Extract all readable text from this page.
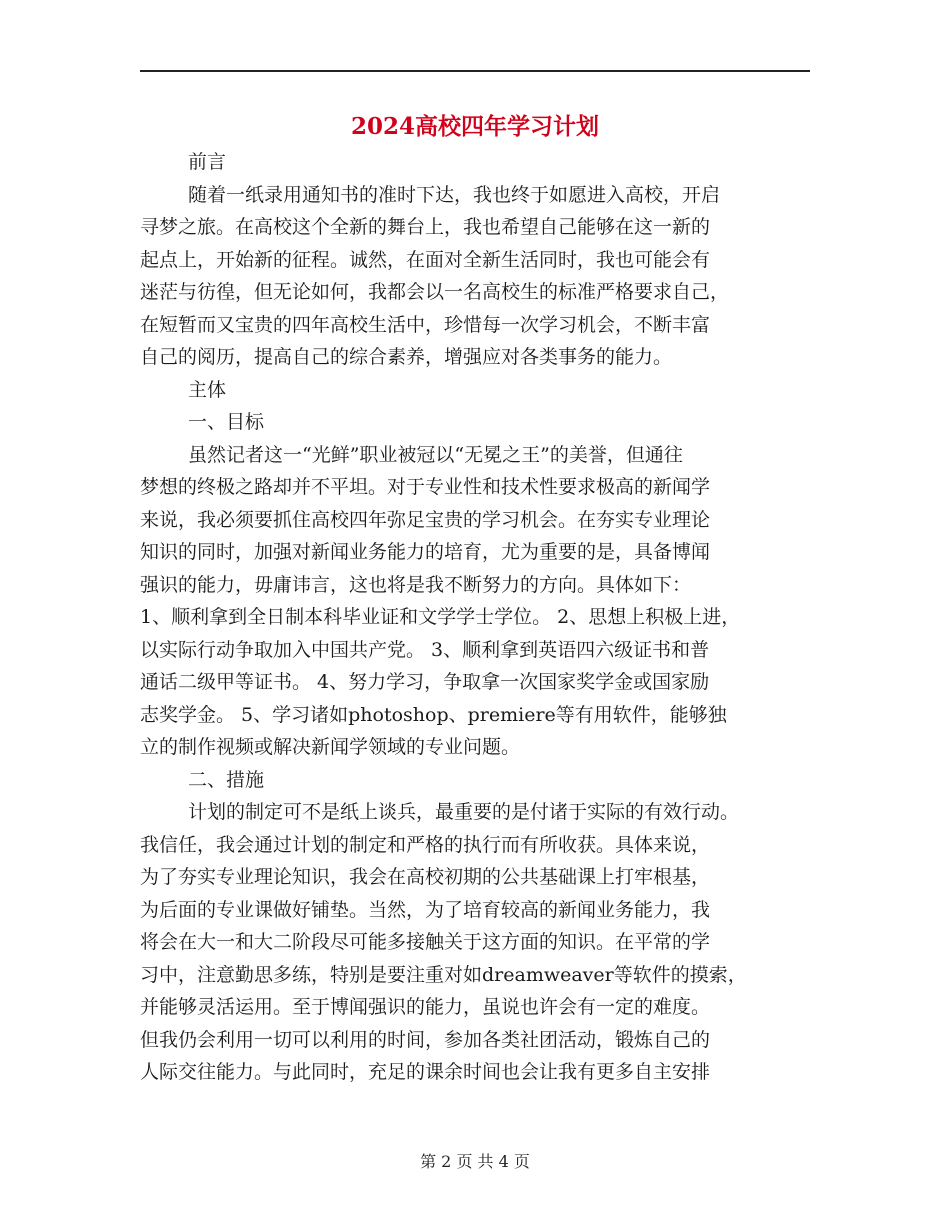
2024高校四年学习计划

前言

随着一纸录用通知书的准时下达，我也终于如愿进入高校，开启

寻梦之旅。在高校这个全新的舞台上，我也希望自己能够在这一新的

起点上，开始新的征程。诚然，在面对全新生活同时，我也可能会有

迷茫与彷徨，但无论如何，我都会以一名高校生的标准严格要求自己，

在短暂而又宝贵的四年高校生活中，珍惜每一次学习机会，不断丰富

自己的阅历，提高自己的综合素养，增强应对各类事务的能力。

主体

一、目标

虽然记者这一“光鲜”职业被冠以“无冕之王”的美誉，但通往

梦想的终极之路却并不平坦。对于专业性和技术性要求极高的新闻学

来说，我必须要抓住高校四年弥足宝贵的学习机会。在夯实专业理论

知识的同时，加强对新闻业务能力的培育，尤为重要的是，具备博闻

强识的能力，毋庸讳言，这也将是我不断努力的方向。具体如下：

1、顺利拿到全日制本科毕业证和文学学士学位。 2、思想上积极上进，

以实际行动争取加入中国共产党。 3、顺利拿到英语四六级证书和普

通话二级甲等证书。 4、努力学习，争取拿一次国家奖学金或国家励

志奖学金。 5、学习诸如photoshop、premiere等有用软件，能够独

立的制作视频或解决新闻学领域的专业问题。

二、措施

计划的制定可不是纸上谈兵，最重要的是付诸于实际的有效行动。

我信任，我会通过计划的制定和严格的执行而有所收获。具体来说，

为了夯实专业理论知识，我会在高校初期的公共基础课上打牢根基，

为后面的专业课做好铺垫。当然，为了培育较高的新闻业务能力，我

将会在大一和大二阶段尽可能多接触关于这方面的知识。在平常的学

习中，注意勤思多练，特别是要注重对如dreamweaver等软件的摸索，

并能够灵活运用。至于博闻强识的能力，虽说也许会有一定的难度。

但我仍会利用一切可以利用的时间，参加各类社团活动，锻炼自己的

人际交往能力。与此同时，充足的课余时间也会让我有更多自主安排

第 2 页 共 4 页
